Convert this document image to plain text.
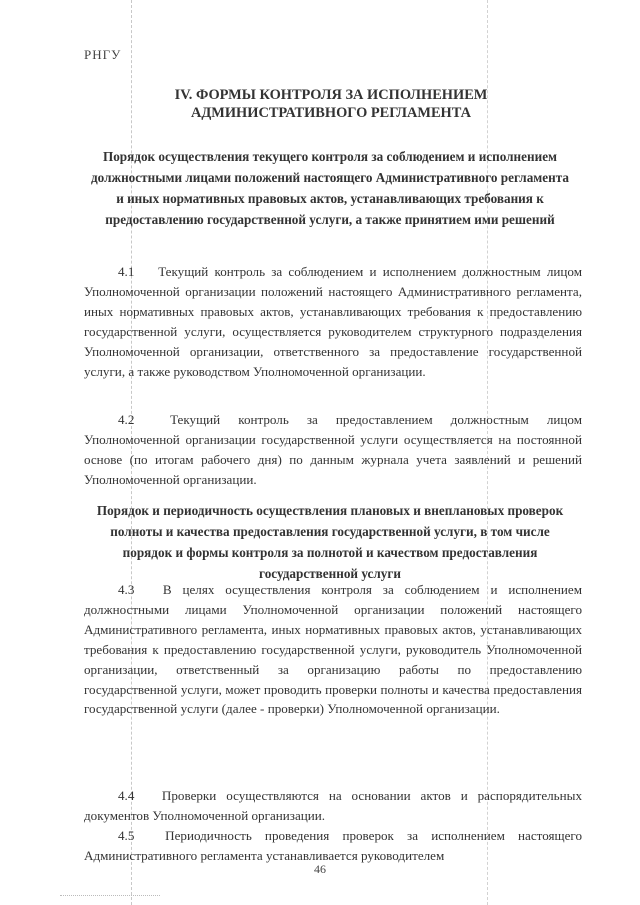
РНГУ
IV. ФОРМЫ КОНТРОЛЯ ЗА ИСПОЛНЕНИЕМ
АДМИНИСТРАТИВНОГО РЕГЛАМЕНТА
Порядок осуществления текущего контроля за соблюдением и исполнением должностными лицами положений настоящего Административного регламента и иных нормативных правовых актов, устанавливающих требования к предоставлению государственной услуги, а также принятием ими решений

4.1 Текущий контроль за соблюдением и исполнением должностным лицом Уполномоченной организации положений настоящего Административного регламента, иных нормативных правовых актов, устанавливающих требования к предоставлению государственной услуги, осуществляется руководителем структурного подразделения Уполномоченной организации, ответственного за предоставление государственной услуги, а также руководством Уполномоченной организации.

4.2	Текущий контроль за предоставлением должностным лицом Уполномоченной организации государственной услуги осуществляется на постоянной основе (по итогам рабочего дня) по данным журнала учета заявлений и решений Уполномоченной организации.

Порядок и периодичность осуществления плановых и внеплановых проверок полноты и качества предоставления государственной услуги, в том числе порядок и формы контроля за полнотой и качеством предоставления государственной услуги

4.3 В целях осуществления контроля за соблюдением и исполнением должностными лицами Уполномоченной организации положений настоящего Административного регламента, иных нормативных правовых актов, устанавливающих требования к предоставлению государственной услуги, руководитель Уполномоченной организации, ответственный за организацию работы по предоставлению государственной услуги, может проводить проверки полноты и качества предоставления государственной услуги (далее - проверки) Уполномоченной организации.

4.4 Проверки осуществляются на основании актов и распорядительных документов Уполномоченной организации.

4.5 Периодичность проведения проверок за исполнением настоящего Административного регламента устанавливается руководителем

46
